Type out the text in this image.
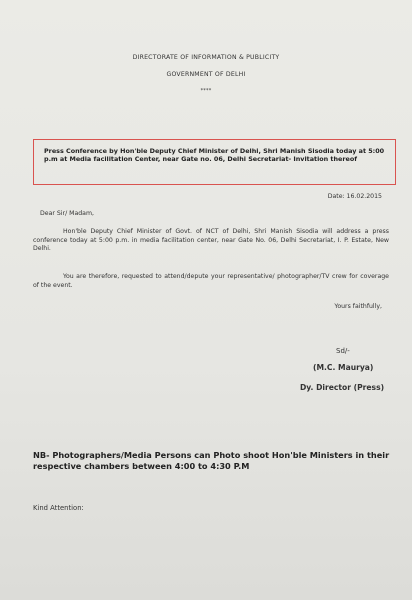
DIRECTORATE OF INFORMATION & PUBLICITY
GOVERNMENT OF DELHI
****
Press Conference by Hon'ble Deputy Chief Minister of Delhi, Shri Manish Sisodia today at 5:00 p.m at Media facilitation Center, near Gate no. 06, Delhi Secretariat- Invitation thereof
Date: 16.02.2015
Dear Sir/ Madam,
Hon'ble Deputy Chief Minister of Govt. of NCT of Delhi, Shri Manish Sisodia will address a press conference today at 5:00 p.m. in media facilitation center, near Gate No. 06, Delhi Secretariat, I. P. Estate, New Delhi.
You are therefore, requested to attend/depute your representative/ photographer/TV crew for coverage of the event.
Yours faithfully,
Sd/-
(M.C. Maurya)
Dy. Director (Press)
NB- Photographers/Media Persons can Photo shoot Hon'ble Ministers in their respective chambers between 4:00 to 4:30 P.M
Kind Attention:
